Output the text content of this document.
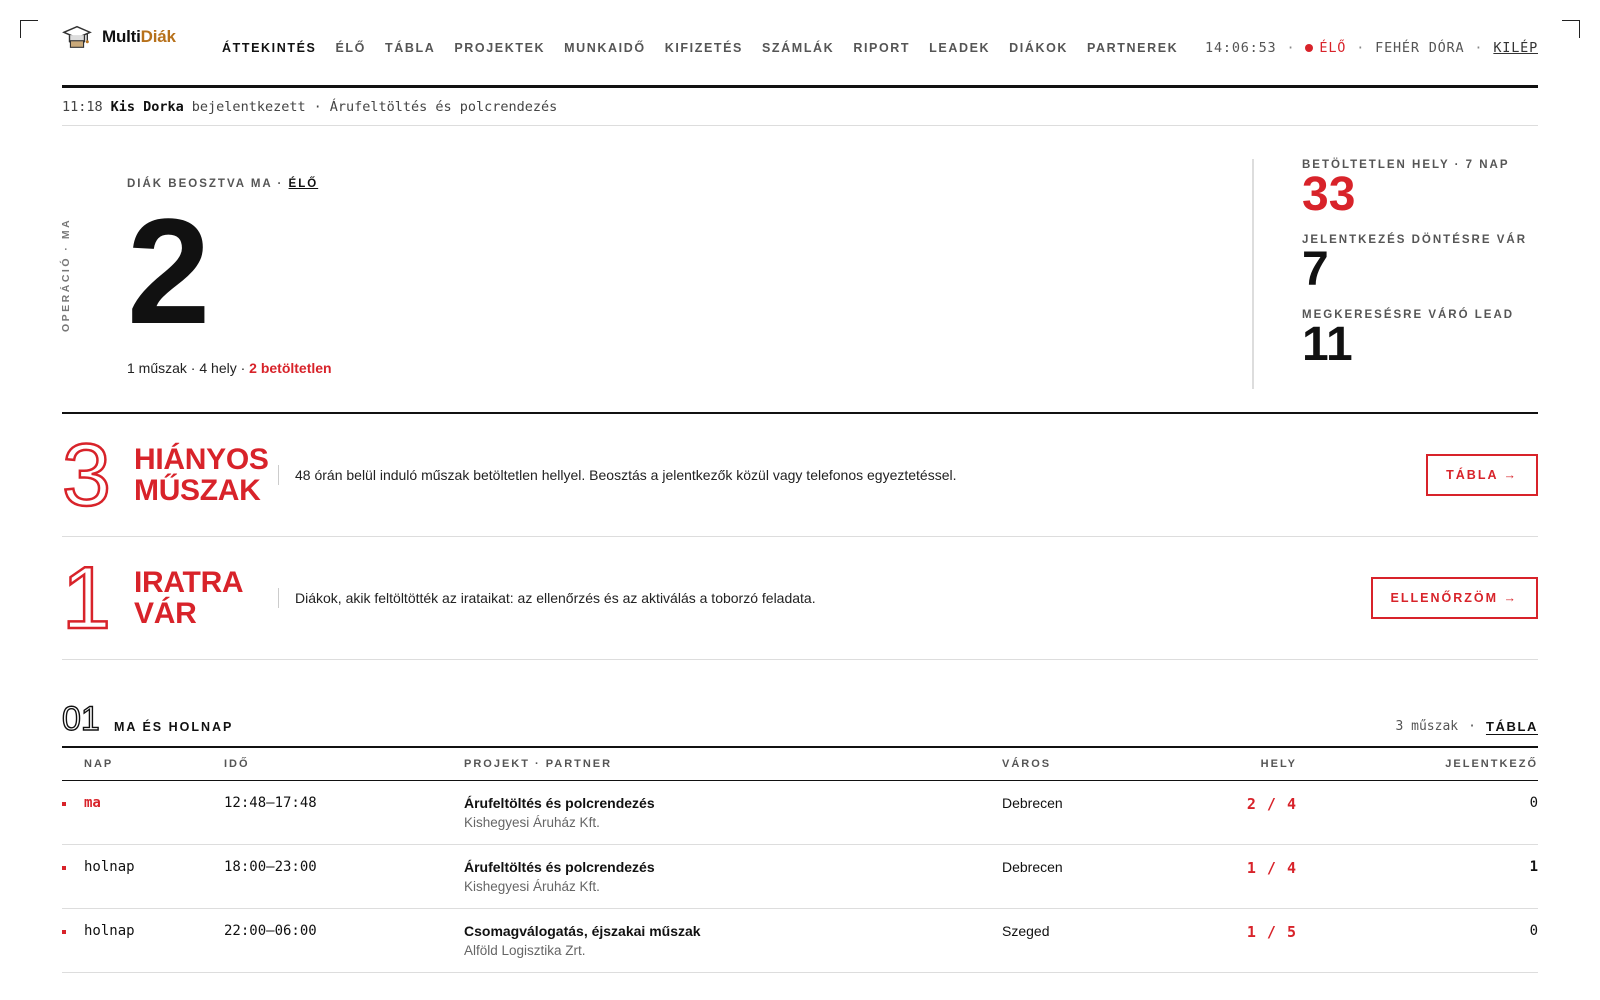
MultiDiák
ÁTTEKINTÉS ÉLŐ TÁBLA PROJEKTEK MUNKAIDŐ KIFIZETÉS SZÁMLÁK RIPORT LEADEK DIÁKOK PARTNEREK 14:06:53 · ÉLŐ · FEHÉR DÓRA · KILÉP
11:18 Kis Dorka bejelentkezett · Árufeltöltés és polcrendezés
OPERÁCIÓ · MA
DIÁK BEOSZTVA MA · ÉLŐ
2
1 műszak · 4 hely · 2 betöltetlen
BETÖLTETLEN HELY · 7 NAP
33
JELENTKEZÉS DÖNTÉSRE VÁR
7
MEGKERESÉSRE VÁRÓ LEAD
11
3 HIÁNYOS
MŰSZAK	48 órán belül induló műszak betöltetlen hellyel. Beosztás a jelentkezők közül vagy telefonos egyeztetéssel.	TÁBLA →
1 IRATRA
VÁR	Diákok, akik feltöltötték az irataikat: az ellenőrzés és az aktiválás a toborzó feladata.	ELLENŐRZÖM →
01 MA ÉS HOLNAP	3 műszak · TÁBLA
NAP	IDŐ	PROJEKT · PARTNER	VÁROS	HELY	JELENTKEZŐ

ma	12:48–17:48	Árufeltöltés és polcrendezés
Kishegyesi Áruház Kft.	Debrecen	2 / 4	0

holnap	18:00–23:00	Árufeltöltés és polcrendezés
Kishegyesi Áruház Kft.	Debrecen	1 / 4	1

holnap	22:00–06:00	Csomagválogatás, éjszakai műszak
Alföld Logisztika Zrt.	Szeged	1 / 5	0
